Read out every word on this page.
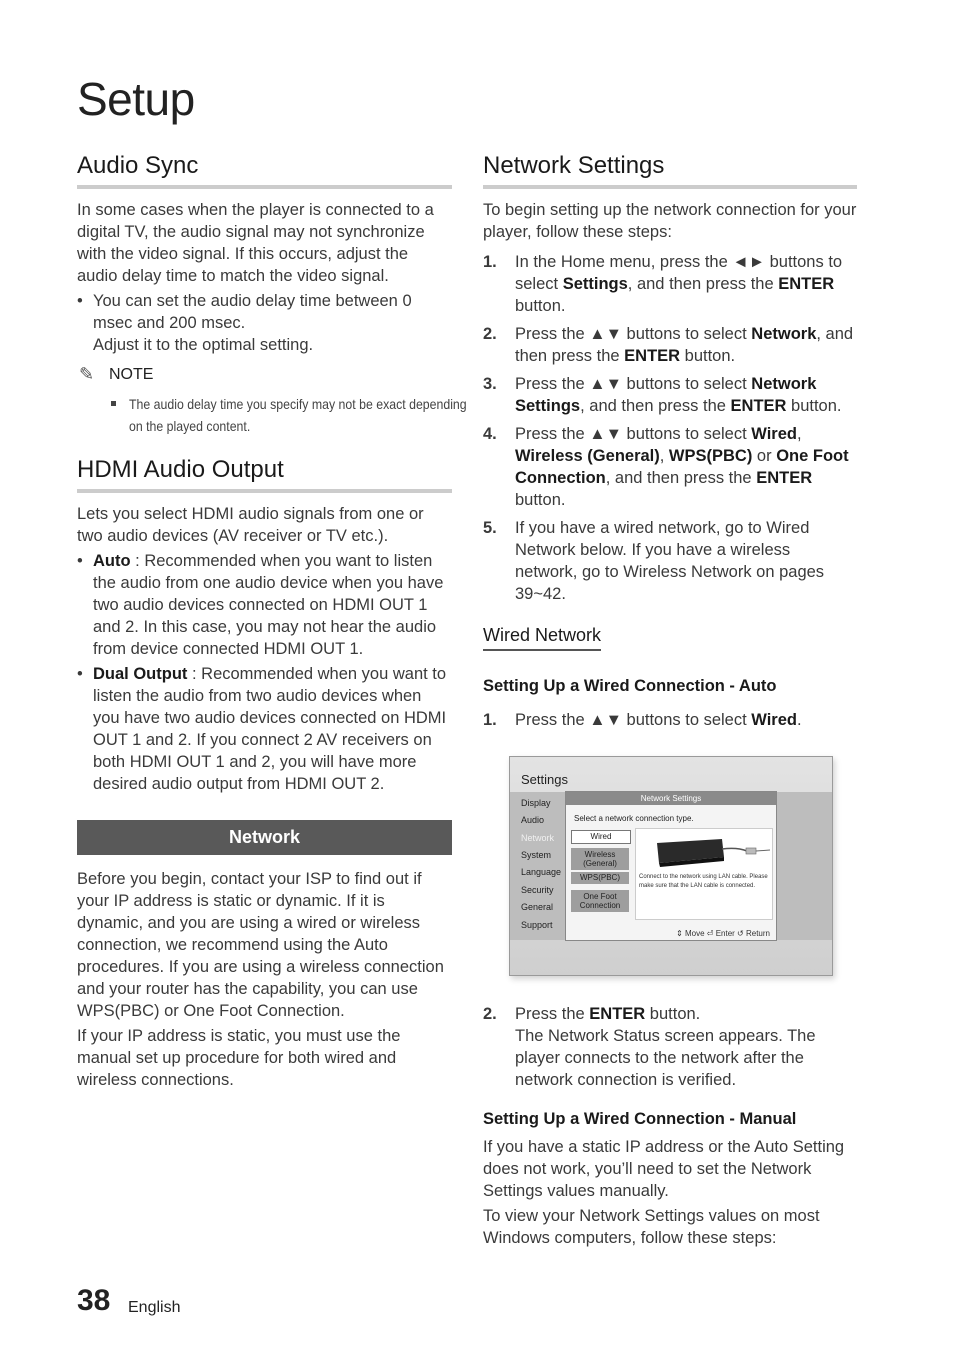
Setup
Audio Sync

In some cases when the player is connected to a digital TV, the audio signal may not synchronize with the video signal. If this occurs, adjust the audio delay time to match the video signal.

• You can set the audio delay time between 0 msec and 200 msec.
Adjust it to the optimal setting.
✎ NOTE

The audio delay time you specify may not be exact depending on the played content.

HDMI Audio Output

Lets you select HDMI audio signals from one or two audio devices (AV receiver or TV etc.).

• Auto : Recommended when you want to listen the audio from one audio device when you have two audio devices connected on HDMI OUT 1 and 2. In this case, you may not hear the audio from device connected HDMI OUT 1.
• Dual Output : Recommended when you want to listen the audio from two audio devices when you have two audio devices connected on HDMI OUT 1 and 2. If you connect 2 AV receivers on both HDMI OUT 1 and 2, you will have more desired audio output from HDMI OUT 2.
Network

Before you begin, contact your ISP to find out if your IP address is static or dynamic. If it is dynamic, and you are using a wired or wireless connection, we recommend using the Auto procedures. If you are using a wireless connection and your router has the capability, you can use WPS(PBC) or One Foot Connection.

If your IP address is static, you must use the manual set up procedure for both wired and wireless connections.

Network Settings

To begin setting up the network connection for your player, follow these steps:

1. In the Home menu, press the ◄► buttons to select Settings, and then press the ENTER button.
2. Press the ▲▼ buttons to select Network, and then press the ENTER button.
3. Press the ▲▼ buttons to select Network Settings, and then press the ENTER button.
4. Press the ▲▼ buttons to select Wired, Wireless (General), WPS(PBC) or One Foot Connection, and then press the ENTER button.
5. If you have a wired network, go to Wired Network below. If you have a wireless network, go to Wireless Network on pages 39~42.
Wired Network

Setting Up a Wired Connection - Auto

1. Press the ▲▼ buttons to select Wired.
Settings
Display
Audio
Network
System
Language
Security
General
Support
Network Settings
Select a network connection type.
Wired
Wireless (General)
WPS(PBC)
One Foot Connection
Connect to the network using LAN cable. Please make sure that the LAN cable is connected.
⇕ Move ⏎ Enter ↺ Return
2. Press the ENTER button.
The Network Status screen appears. The player connects to the network after the network connection is verified.

Setting Up a Wired Connection - Manual

If you have a static IP address or the Auto Setting does not work, you’ll need to set the Network Settings values manually.

To view your Network Settings values on most Windows computers, follow these steps:

38 English
